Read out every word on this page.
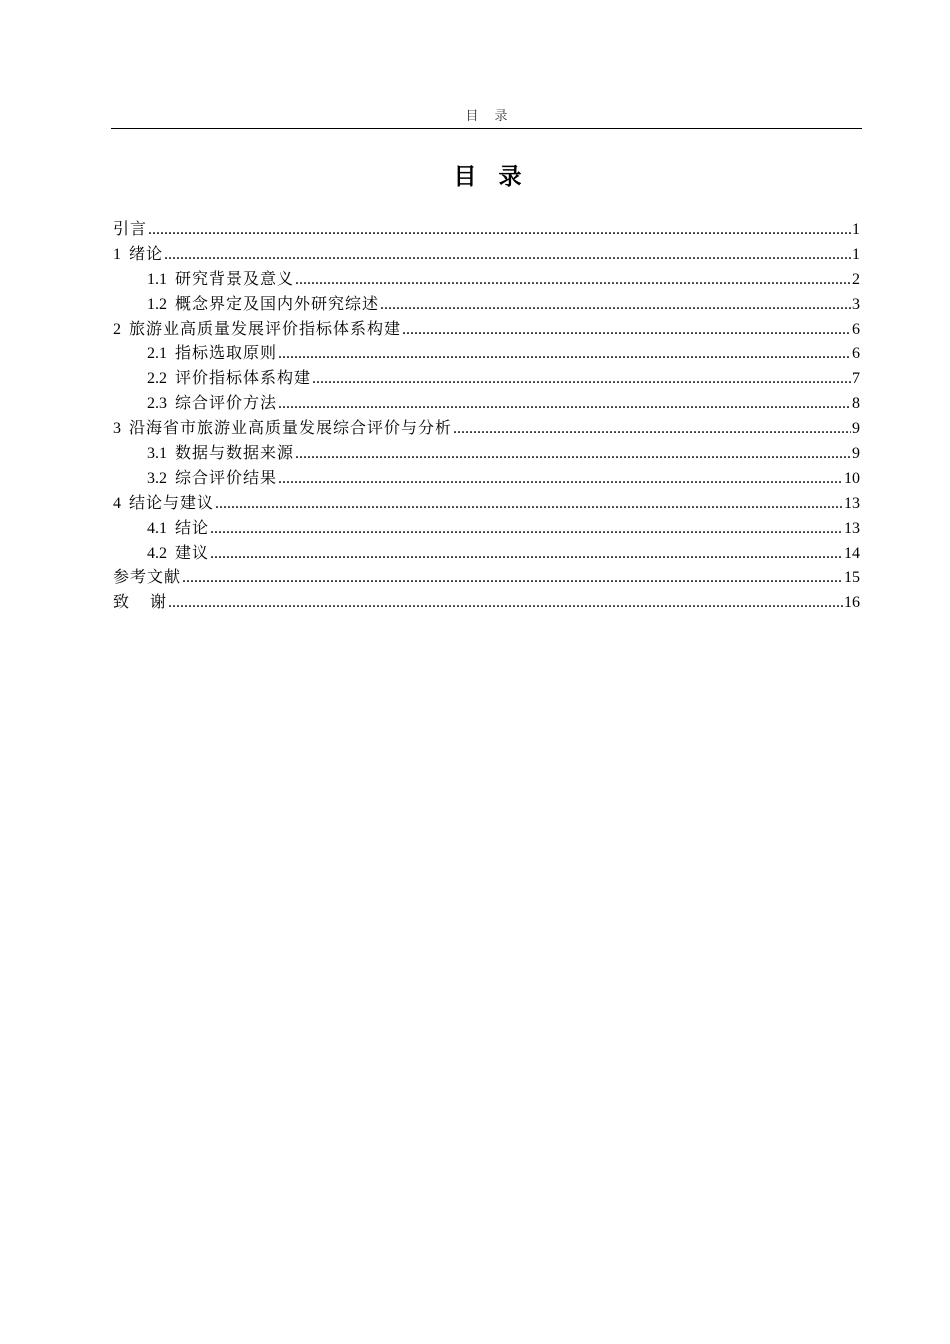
目 录
目 录
引言 .....	1
1 绪论 .....	1
1.1 研究背景及意义 .....	2
1.2 概念界定及国内外研究综述 .....	3
2 旅游业高质量发展评价指标体系构建 .....	6
2.1 指标选取原则 .....	6
2.2 评价指标体系构建 .....	7
2.3 综合评价方法 .....	8
3 沿海省市旅游业高质量发展综合评价与分析 .....	9
3.1 数据与数据来源 .....	9
3.2 综合评价结果 .....	10
4 结论与建议 .....	13
4.1 结论 .....	13
4.2 建议 .....	14
参考文献 .....	15
致 谢 .....	16
